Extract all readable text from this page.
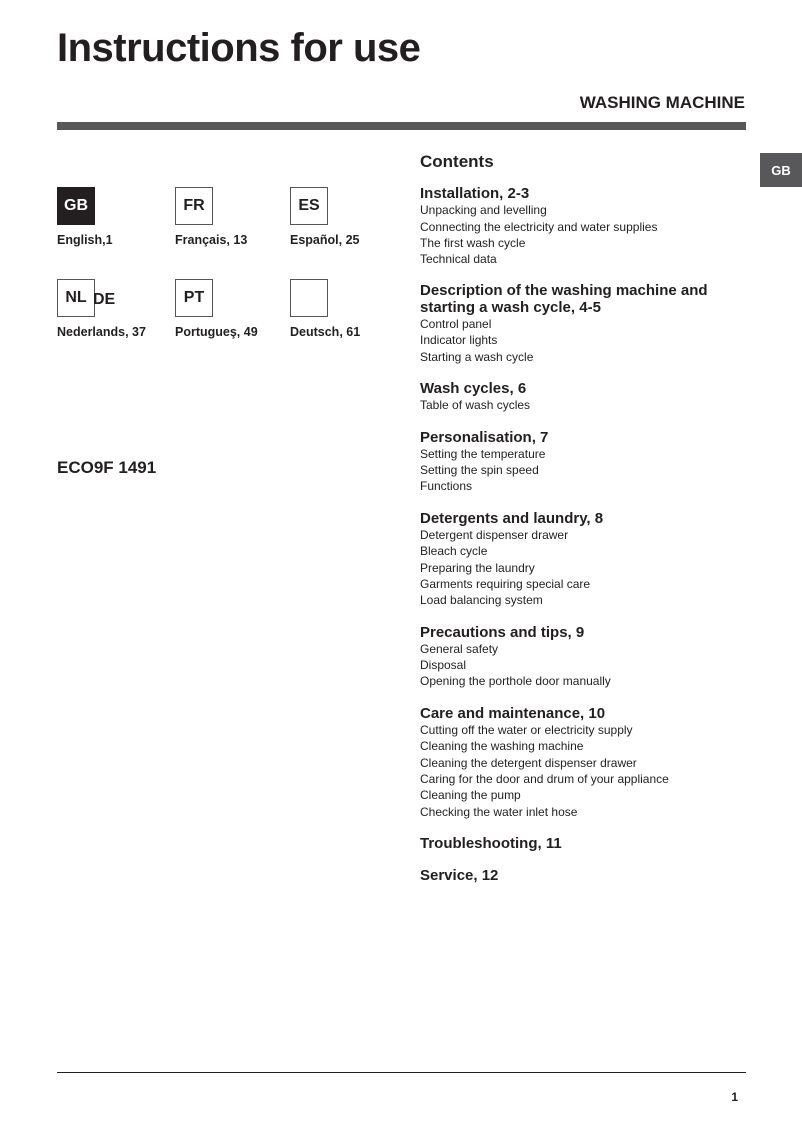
Instructions for use
WASHING MACHINE
GB
GB
English,1
FR
Français, 13
ES
Español, 25
NL
Nederlands, 37
PT
Portugueş, 49	Deutsch, 61
DE
ECO9F 1491
Contents
Installation, 2-3
Unpacking and levelling
Connecting the electricity and water supplies
The first wash cycle
Technical data
Description of the washing machine and starting a wash cycle, 4-5
Control panel
Indicator lights
Starting a wash cycle
Wash cycles, 6
Table of wash cycles
Personalisation, 7
Setting the temperature
Setting the spin speed
Functions
Detergents and laundry, 8
Detergent dispenser drawer
Bleach cycle
Preparing the laundry
Garments requiring special care
Load balancing system
Precautions and tips, 9
General safety
Disposal
Opening the porthole door manually
Care and maintenance, 10
Cutting off the water or electricity supply
Cleaning the washing machine
Cleaning the detergent dispenser drawer
Caring for the door and drum of your appliance
Cleaning the pump
Checking the water inlet hose
Troubleshooting, 11
Service, 12
1
